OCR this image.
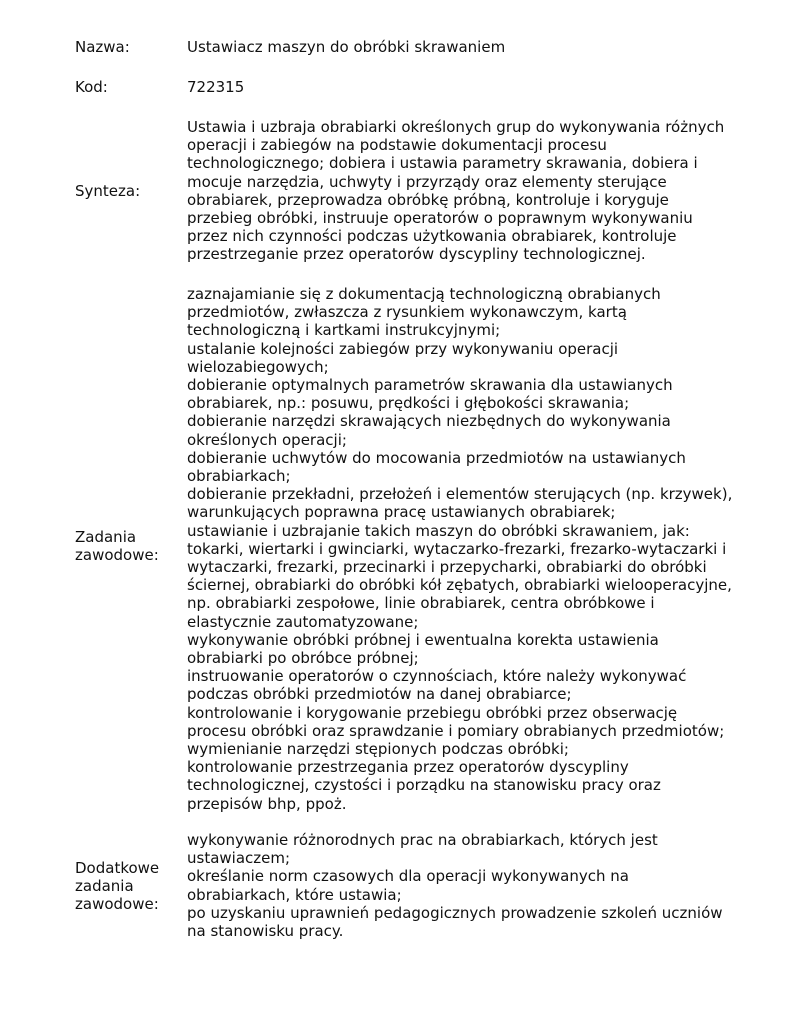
Nazwa:	Ustawiacz maszyn do obróbki skrawaniem
Kod:	722315
Synteza:
Ustawia i uzbraja obrabiarki określonych grup do wykonywania różnych
operacji i zabiegów na podstawie dokumentacji procesu
technologicznego; dobiera i ustawia parametry skrawania, dobiera i
mocuje narzędzia, uchwyty i przyrządy oraz elementy sterujące
obrabiarek, przeprowadza obróbkę próbną, kontroluje i koryguje
przebieg obróbki, instruuje operatorów o poprawnym wykonywaniu
przez nich czynności podczas użytkowania obrabiarek, kontroluje
przestrzeganie przez operatorów dyscypliny technologicznej.
Zadania
zawodowe:
zaznajamianie się z dokumentacją technologiczną obrabianych
przedmiotów, zwłaszcza z rysunkiem wykonawczym, kartą
technologiczną i kartkami instrukcyjnymi;
ustalanie kolejności zabiegów przy wykonywaniu operacji
wielozabiegowych;
dobieranie optymalnych parametrów skrawania dla ustawianych
obrabiarek, np.: posuwu, prędkości i głębokości skrawania;
dobieranie narzędzi skrawających niezbędnych do wykonywania
określonych operacji;
dobieranie uchwytów do mocowania przedmiotów na ustawianych
obrabiarkach;
dobieranie przekładni, przełożeń i elementów sterujących (np. krzywek),
warunkujących poprawna pracę ustawianych obrabiarek;
ustawianie i uzbrajanie takich maszyn do obróbki skrawaniem, jak:
tokarki, wiertarki i gwinciarki, wytaczarko-frezarki, frezarko-wytaczarki i
wytaczarki, frezarki, przecinarki i przepycharki, obrabiarki do obróbki
ściernej, obrabiarki do obróbki kół zębatych, obrabiarki wielooperacyjne,
np. obrabiarki zespołowe, linie obrabiarek, centra obróbkowe i
elastycznie zautomatyzowane;
wykonywanie obróbki próbnej i ewentualna korekta ustawienia
obrabiarki po obróbce próbnej;
instruowanie operatorów o czynnościach, które należy wykonywać
podczas obróbki przedmiotów na danej obrabiarce;
kontrolowanie i korygowanie przebiegu obróbki przez obserwację
procesu obróbki oraz sprawdzanie i pomiary obrabianych przedmiotów;
wymienianie narzędzi stępionych podczas obróbki;
kontrolowanie przestrzegania przez operatorów dyscypliny
technologicznej, czystości i porządku na stanowisku pracy oraz
przepisów bhp, ppoż.
Dodatkowe
zadania
zawodowe:
wykonywanie różnorodnych prac na obrabiarkach, których jest
ustawiaczem;
określanie norm czasowych dla operacji wykonywanych na
obrabiarkach, które ustawia;
po uzyskaniu uprawnień pedagogicznych prowadzenie szkoleń uczniów
na stanowisku pracy.
